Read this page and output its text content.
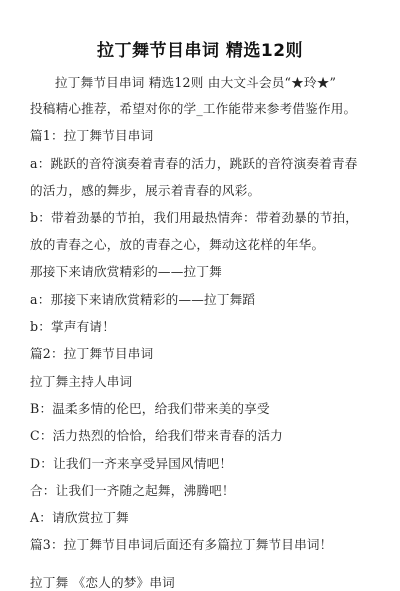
拉丁舞节目串词 精选12则
拉丁舞节目串词 精选12则 由大文斗会员“★玲★”
投稿精心推荐，希望对你的学_工作能带来参考借鉴作用。
篇1：拉丁舞节目串词
a：跳跃的音符演奏着青春的活力，跳跃的音符演奏着青春
的活力，感的舞步，展示着青春的风彩。
b：带着劲暴的节拍，我们用最热情奔：带着劲暴的节拍，
放的青春之心，放的青春之心，舞动这花样的年华。
那接下来请欣赏精彩的——拉丁舞
a：那接下来请欣赏精彩的——拉丁舞蹈
b：掌声有请！
篇2：拉丁舞节目串词
拉丁舞主持人串词
B：温柔多情的伦巴，给我们带来美的享受
C：活力热烈的恰恰，给我们带来青春的活力
D：让我们一齐来享受异国风情吧！
合：让我们一齐随之起舞，沸腾吧！
A：请欣赏拉丁舞
篇3：拉丁舞节目串词后面还有多篇拉丁舞节目串词！
拉丁舞 《恋人的梦》串词
